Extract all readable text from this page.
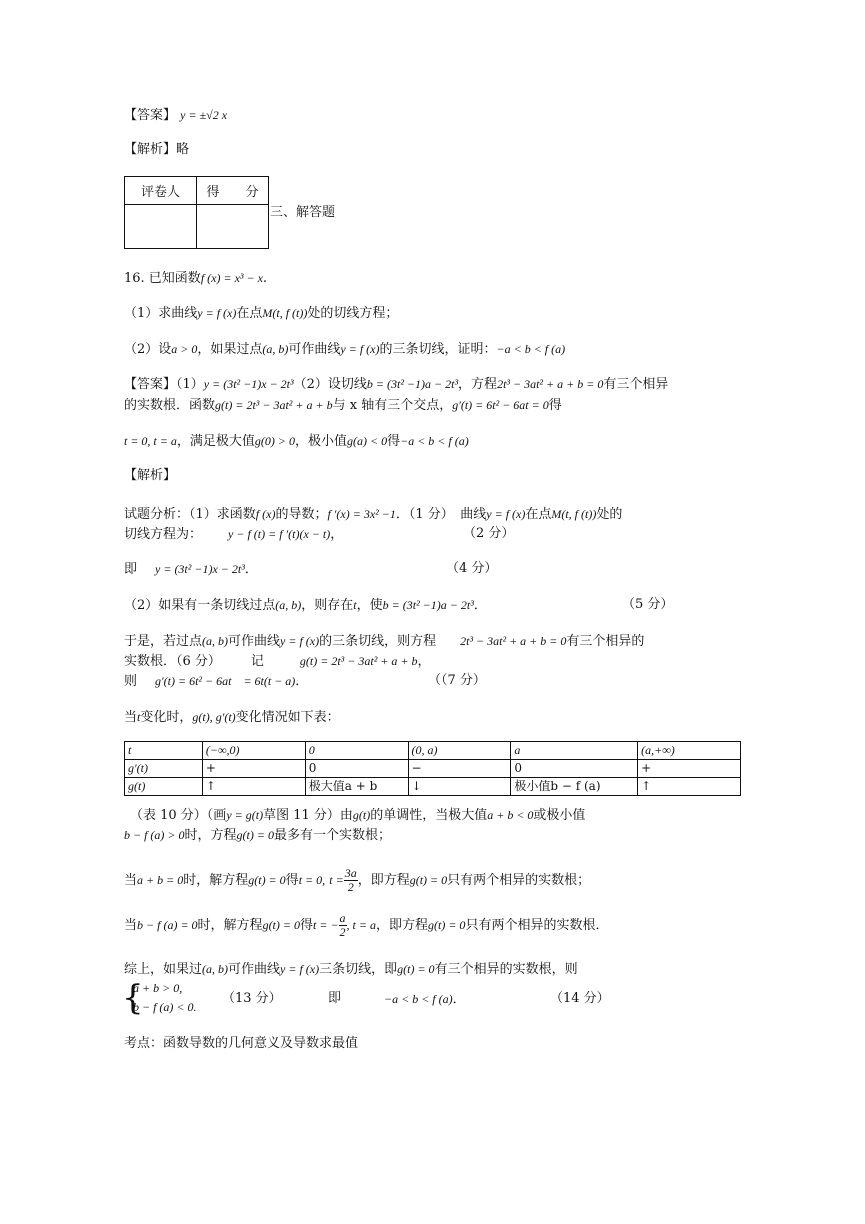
【答案】 y = ±√2 x
【解析】略
评卷人	得　　分

三、解答题
16. 已知函数f (x) = x³ − x.
（1）求曲线y = f (x)在点M(t, f (t))处的切线方程；
（2）设a > 0，如果过点(a, b)可作曲线y = f (x)的三条切线，证明：−a < b < f (a)
【答案】（1）y = (3t² −1)x − 2t³（2）设切线b = (3t² −1)a − 2t³，方程2t³ − 3at² + a + b = 0有三个相异
的实数根．函数g(t) = 2t³ − 3at² + a + b与 x 轴有三个交点，g′(t) = 6t² − 6at = 0得
t = 0, t = a，满足极大值g(0) > 0，极小值g(a) < 0得−a < b < f (a)
【解析】
试题分析：（1）求函数f (x)的导数；f ′(x) = 3x² −1．（1 分）　曲线y = f (x)在点M(t, f (t))处的
切线方程为： y − f (t) = f ′(t)(x − t)，	（2 分）
即 y = (3t² −1)x − 2t³．	（4 分）
（2）如果有一条切线过点(a, b)，则存在t，使b = (3t² −1)a − 2t³．	（5 分）
于是，若过点(a, b)可作曲线y = f (x)的三条切线，则方程 2t³ − 3at² + a + b = 0有三个相异的
实数根．（6 分） 记	g(t) = 2t³ − 3at² + a + b，
则 g′(t) = 6t² − 6at = 6t(t − a)．	（（7 分）
当t变化时，g(t), g′(t)变化情况如下表：
t	(−∞,0)	0	(0, a)	a	(a,+∞)
g′(t)	+	0	−	0	+
g(t)	↑	极大值a + b	↓	极小值b − f (a)	↑
（表 10 分）（画y = g(t)草图 11 分）由g(t)的单调性，当极大值a + b < 0或极小值
b − f (a) > 0时，方程g(t) = 0最多有一个实数根；
当a + b = 0时，解方程g(t) = 0得t = 0, $t = \frac{3a}{2}$ ，即方程g(t) = 0只有两个相异的实数根；
当b − f (a) = 0时，解方程g(t) = 0得t = − $\frac{a}{2}$ , t = a，即方程g(t) = 0只有两个相异的实数根．
综上，如果过(a, b)可作曲线y = f (x)三条切线，即g(t) = 0有三个相异的实数根，则
{
a + b > 0,
b − f (a) < 0.
（13 分）	即	−a < b < f (a)．	（14 分）
考点：函数导数的几何意义及导数求最值
